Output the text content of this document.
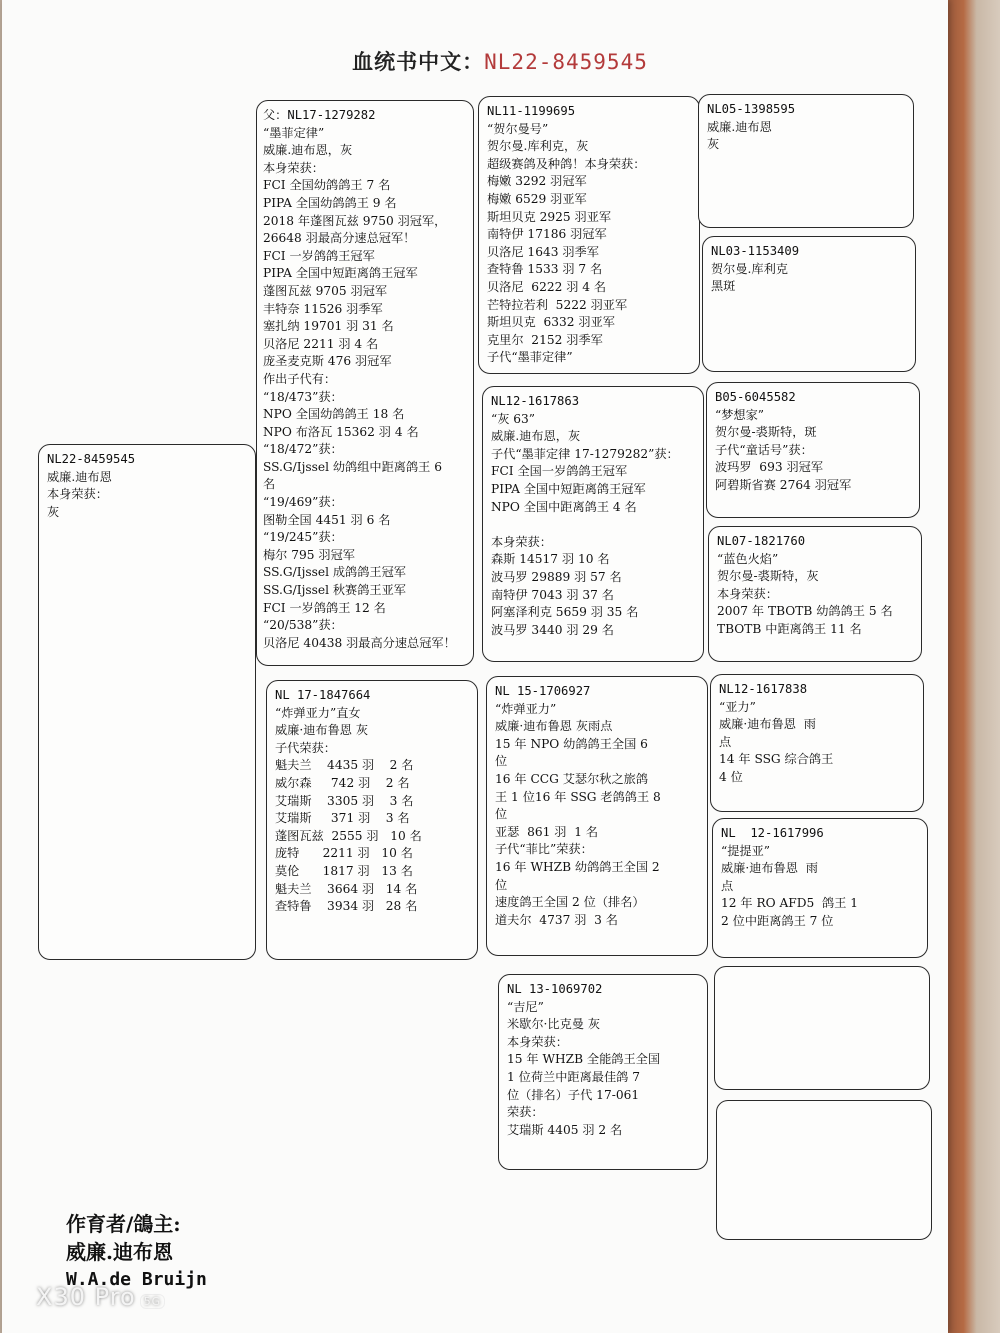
血统书中文：NL22-8459545
NL22-8459545
威廉.迪布恩
本身荣获：
灰
父：NL17-1279282
“墨菲定律”
威廉.迪布恩，灰
本身荣获：
FCI 全国幼鸽鸽王 7 名
PIPA 全国幼鸽鸽王 9 名
2018 年蓬图瓦兹 9750 羽冠军，
26648 羽最高分速总冠军！
FCI 一岁鸽鸽王冠军
PIPA 全国中短距离鸽王冠军
蓬图瓦兹 9705 羽冠军
丰特奈 11526 羽季军
塞扎纳 19701 羽 31 名
贝洛尼 2211 羽 4 名
庞圣麦克斯 476 羽冠军
作出子代有：
“18/473”获：
NPO 全国幼鸽鸽王 18 名
NPO 布洛瓦 15362 羽 4 名
“18/472”获：
SS.G/Ijssel 幼鸽组中距离鸽王 6
名
“19/469”获：
图勒全国 4451 羽 6 名
“19/245”获：
梅尔 795 羽冠军
SS.G/Ijssel 成鸽鸽王冠军
SS.G/Ijssel 秋赛鸽王亚军
FCI 一岁鸽鸽王 12 名
“20/538”获：
贝洛尼 40438 羽最高分速总冠军！
NL 17-1847664
“炸弹亚力”直女
威廉·迪布鲁恩 灰
子代荣获：
魁夫兰    4435 羽    2 名
威尔森     742 羽    2 名
艾瑞斯    3305 羽    3 名
艾瑞斯     371 羽    3 名
蓬图瓦兹  2555 羽   10 名
庞特      2211 羽   10 名
莫伦      1817 羽   13 名
魁夫兰    3664 羽   14 名
查特鲁    3934 羽   28 名
NL11-1199695
“贺尔曼号”
贺尔曼.库利克，灰
超级赛鸽及种鸽！本身荣获：
梅嫩 3292 羽冠军
梅嫩 6529 羽亚军
斯坦贝克 2925 羽亚军
南特伊 17186 羽冠军
贝洛尼 1643 羽季军
查特鲁 1533 羽 7 名
贝洛尼  6222 羽 4 名
芒特拉若利  5222 羽亚军
斯坦贝克  6332 羽亚军
克里尔  2152 羽季军
子代“墨菲定律”
NL12-1617863
“灰 63”
威廉.迪布恩，灰
子代“墨菲定律 17-1279282”获：
FCI 全国一岁鸽鸽王冠军
PIPA 全国中短距离鸽王冠军
NPO 全国中距离鸽王 4 名

本身荣获：
森斯 14517 羽 10 名
波马罗 29889 羽 57 名
南特伊 7043 羽 37 名
阿塞泽利克 5659 羽 35 名
波马罗 3440 羽 29 名
NL 15-1706927
“炸弹亚力”
威廉·迪布鲁恩 灰雨点
15 年 NPO 幼鸽鸽王全国 6
位
16 年 CCG 艾瑟尔秋之旅鸽
王 1 位16 年 SSG 老鸽鸽王 8
位
亚瑟  861 羽  1 名
子代“菲比”荣获：
16 年 WHZB 幼鸽鸽王全国 2
位
速度鸽王全国 2 位（排名）
道夫尔  4737 羽  3 名
NL 13-1069702
“吉尼”
米歇尔·比克曼 灰
本身荣获：
15 年 WHZB 全能鸽王全国
1 位荷兰中距离最佳鸽 7
位（排名）子代 17-061
荣获：
艾瑞斯 4405 羽 2 名
NL05-1398595
威廉.迪布恩
灰
NL03-1153409
贺尔曼.库利克
黑斑
B05-6045582
“梦想家”
贺尔曼-裘斯特，斑
子代“童话号”获：
波玛罗  693 羽冠军
阿碧斯省赛 2764 羽冠军
NL07-1821760
“蓝色火焰”
贺尔曼-裘斯特，灰
本身荣获：
2007 年 TBOTB 幼鸽鸽王 5 名
TBOTB 中距离鸽王 11 名
NL12-1617838
“亚力”
威廉·迪布鲁恩  雨
点
14 年 SSG 综合鸽王
4 位
NL  12-1617996
“提提亚”
威廉·迪布鲁恩  雨
点
12 年 RO AFD5  鸽王 1
2 位中距离鸽王 7 位
作育者/鴿主:
威廉.迪布恩
W.A.de Bruijn
X30 Pro 5G
